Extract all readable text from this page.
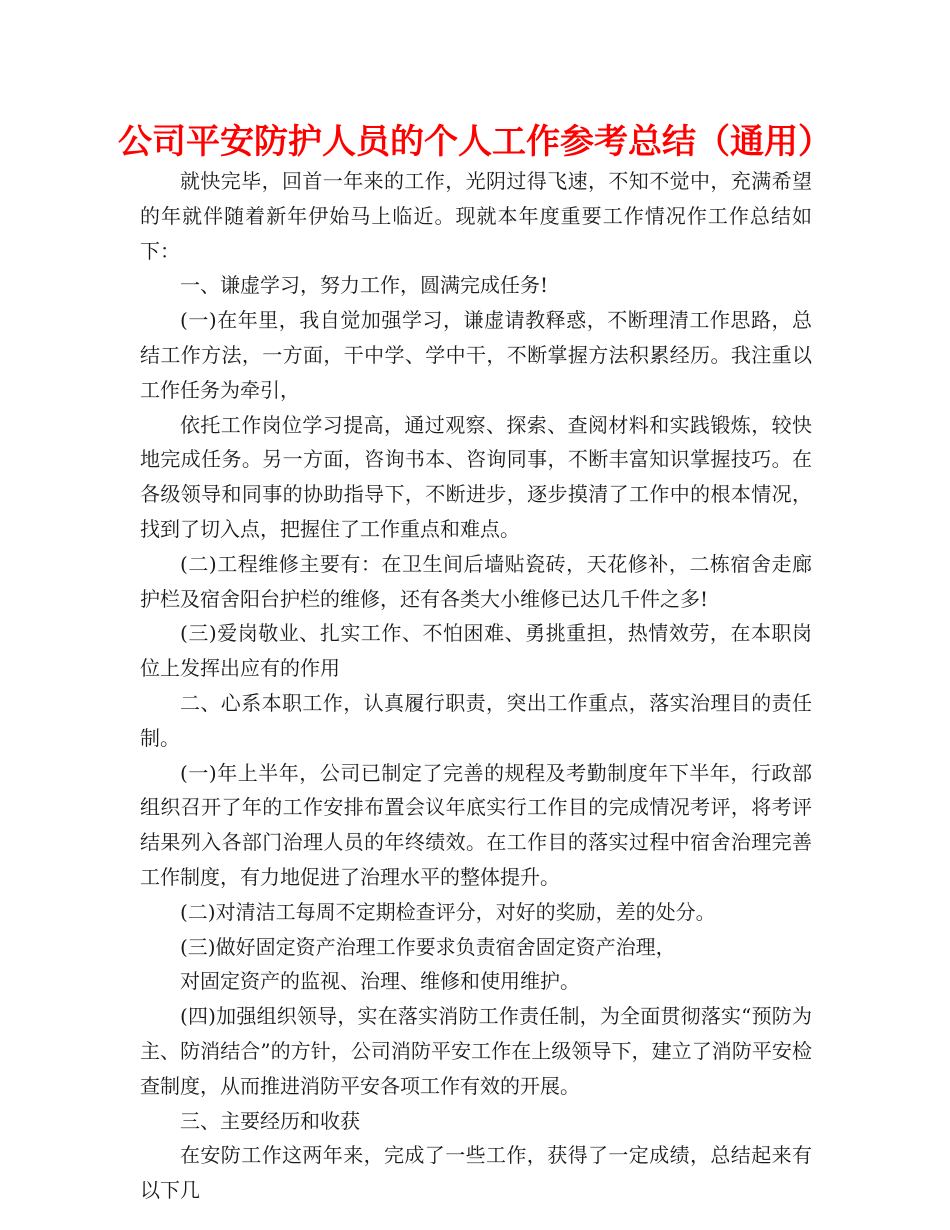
公司平安防护人员的个人工作参考总结（通用）

就快完毕，回首一年来的工作，光阴过得飞速，不知不觉中，充满希望的年就伴随着新年伊始马上临近。现就本年度重要工作情况作工作总结如下：

一、谦虚学习，努力工作，圆满完成任务!

(一)在年里，我自觉加强学习，谦虚请教释惑，不断理清工作思路，总结工作方法，一方面，干中学、学中干，不断掌握方法积累经历。我注重以工作任务为牵引，

依托工作岗位学习提高，通过观察、探索、查阅材料和实践锻炼，较快地完成任务。另一方面，咨询书本、咨询同事，不断丰富知识掌握技巧。在各级领导和同事的协助指导下，不断进步，逐步摸清了工作中的根本情况，找到了切入点，把握住了工作重点和难点。

(二)工程维修主要有：在卫生间后墙贴瓷砖，天花修补，二栋宿舍走廊护栏及宿舍阳台护栏的维修，还有各类大小维修已达几千件之多!

(三)爱岗敬业、扎实工作、不怕困难、勇挑重担，热情效劳，在本职岗位上发挥出应有的作用

二、心系本职工作，认真履行职责，突出工作重点，落实治理目的责任制。

(一)年上半年，公司已制定了完善的规程及考勤制度年下半年，行政部组织召开了年的工作安排布置会议年底实行工作目的完成情况考评，将考评结果列入各部门治理人员的年终绩效。在工作目的落实过程中宿舍治理完善工作制度，有力地促进了治理水平的整体提升。

(二)对清洁工每周不定期检查评分，对好的奖励，差的处分。

(三)做好固定资产治理工作要求负责宿舍固定资产治理，

对固定资产的监视、治理、维修和使用维护。

(四)加强组织领导，实在落实消防工作责任制，为全面贯彻落实“预防为主、防消结合”的方针，公司消防平安工作在上级领导下，建立了消防平安检查制度，从而推进消防平安各项工作有效的开展。

三、主要经历和收获

在安防工作这两年来，完成了一些工作，获得了一定成绩，总结起来有以下几
